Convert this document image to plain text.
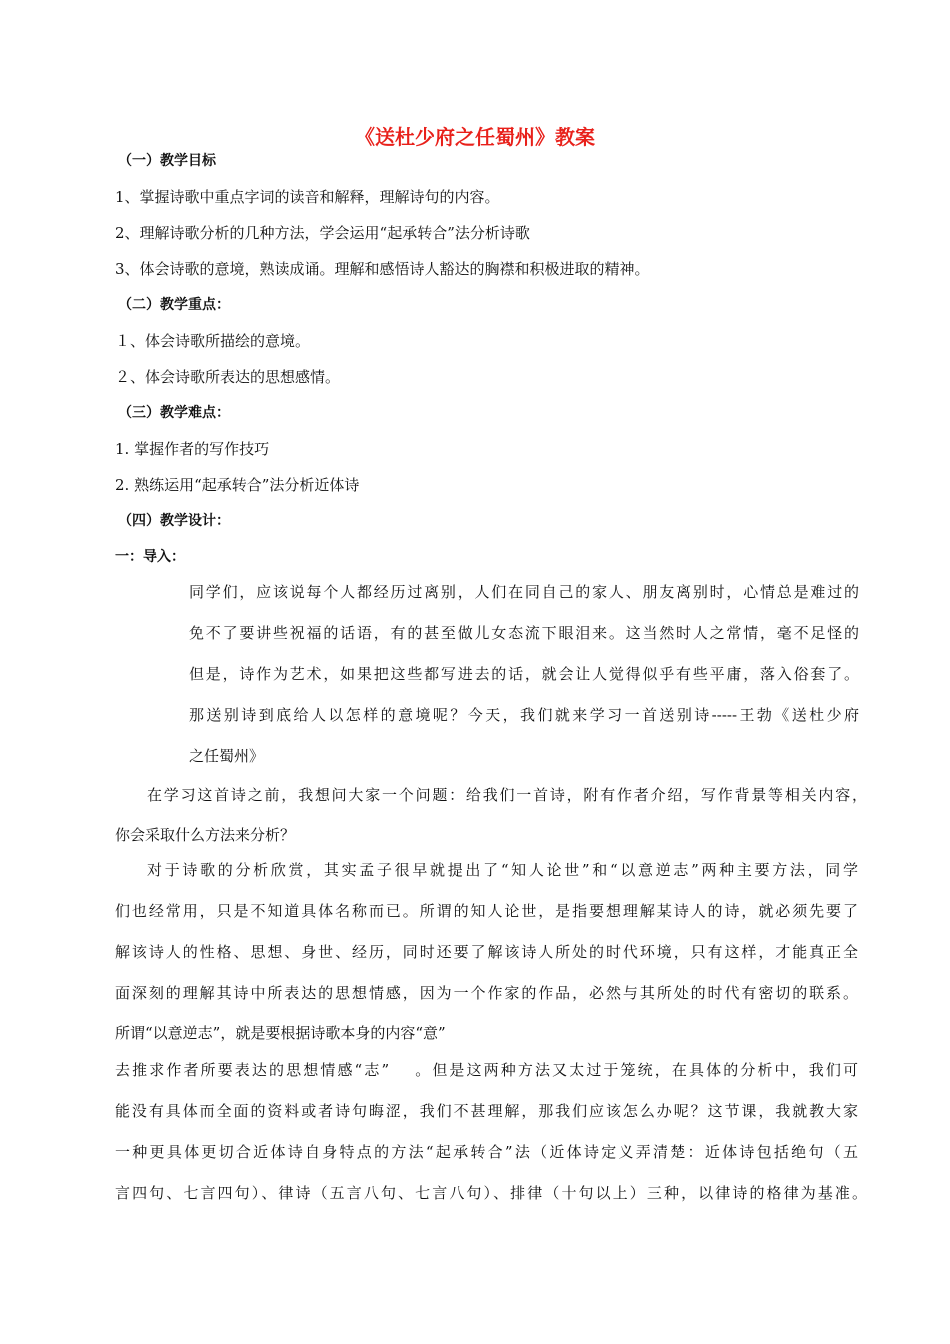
《送杜少府之任蜀州》教案
（一）教学目标
1、掌握诗歌中重点字词的读音和解释，理解诗句的内容。
2、理解诗歌分析的几种方法，学会运用“起承转合”法分析诗歌
3、体会诗歌的意境，熟读成诵。理解和感悟诗人豁达的胸襟和积极进取的精神。
（二）教学重点：
１、体会诗歌所描绘的意境。
２、体会诗歌所表达的思想感情。
（三）教学难点：
1. 掌握作者的写作技巧
2. 熟练运用“起承转合”法分析近体诗
（四）教学设计：
一：导入：
同学们，应该说每个人都经历过离别，人们在同自己的家人、朋友离别时，心情总是难过的
免不了要讲些祝福的话语，有的甚至做儿女态流下眼泪来。这当然时人之常情，毫不足怪的
但是，诗作为艺术，如果把这些都写进去的话，就会让人觉得似乎有些平庸，落入俗套了。
那送别诗到底给人以怎样的意境呢？今天，我们就来学习一首送别诗-----王勃《送杜少府
之任蜀州》
在学习这首诗之前，我想问大家一个问题：给我们一首诗，附有作者介绍，写作背景等相关内容，
你会采取什么方法来分析？
对于诗歌的分析欣赏，其实孟子很早就提出了“知人论世”和“以意逆志”两种主要方法，同学
们也经常用，只是不知道具体名称而已。所谓的知人论世，是指要想理解某诗人的诗，就必须先要了
解该诗人的性格、思想、身世、经历，同时还要了解该诗人所处的时代环境，只有这样，才能真正全
面深刻的理解其诗中所表达的思想情感，因为一个作家的作品，必然与其所处的时代有密切的联系。
所谓“以意逆志”，就是要根据诗歌本身的内容“意”
去推求作者所要表达的思想情感“志”　 。但是这两种方法又太过于笼统，在具体的分析中，我们可
能没有具体而全面的资料或者诗句晦涩，我们不甚理解，那我们应该怎么办呢？这节课，我就教大家
一种更具体更切合近体诗自身特点的方法“起承转合”法（近体诗定义弄清楚：近体诗包括绝句（五
言四句、七言四句）、律诗（五言八句、七言八句）、排律（十句以上）三种，以律诗的格律为基准。
